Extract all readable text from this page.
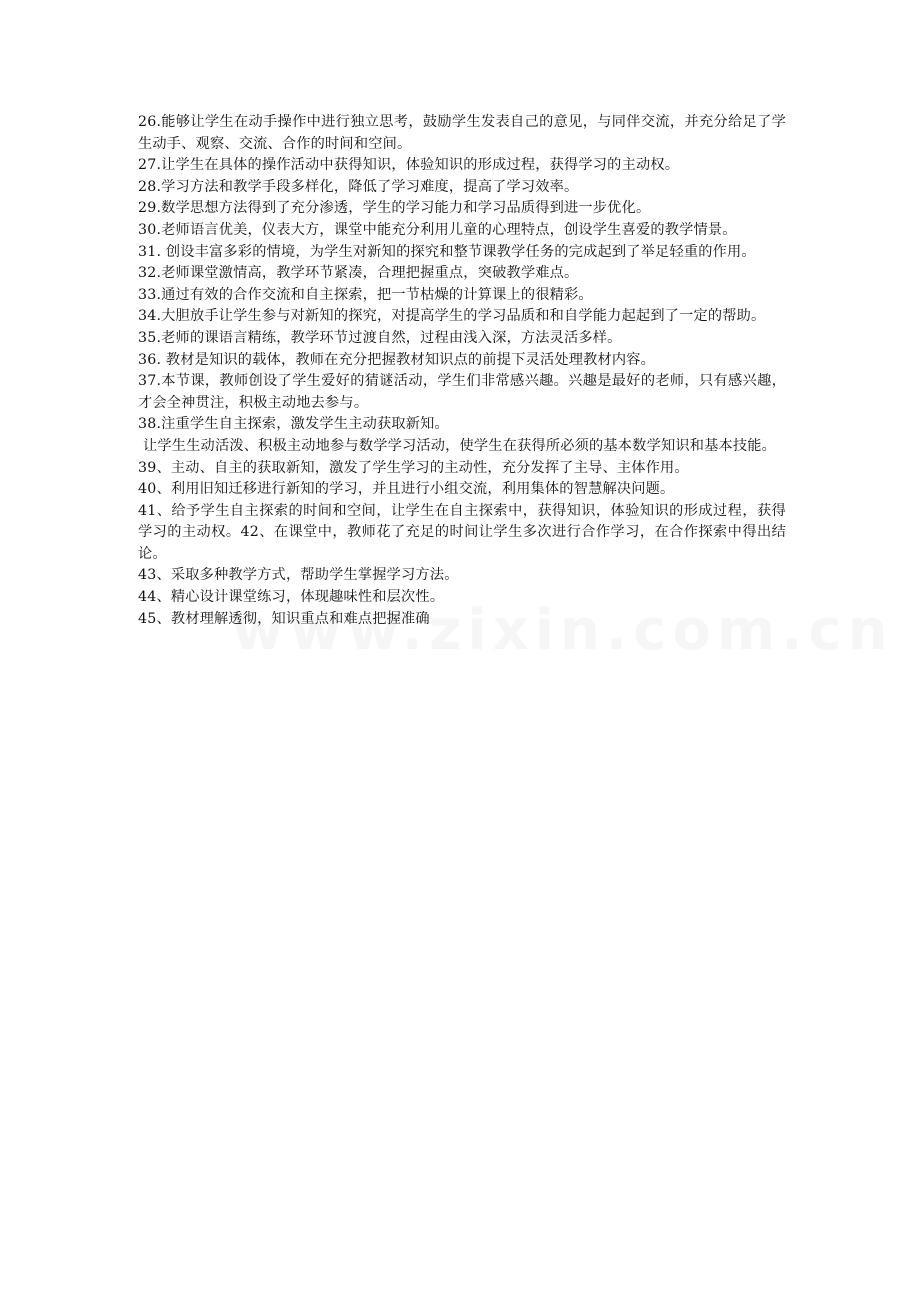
26.能够让学生在动手操作中进行独立思考，鼓励学生发表自己的意见，与同伴交流，并充分给足了学生动手、观察、交流、合作的时间和空间。

27.让学生在具体的操作活动中获得知识，体验知识的形成过程，获得学习的主动权。

28.学习方法和教学手段多样化，降低了学习难度，提高了学习效率。

29.数学思想方法得到了充分渗透，学生的学习能力和学习品质得到进一步优化。

30.老师语言优美，仪表大方，课堂中能充分利用儿童的心理特点，创设学生喜爱的教学情景。

31. 创设丰富多彩的情境，为学生对新知的探究和整节课教学任务的完成起到了举足轻重的作用。

32.老师课堂激情高，教学环节紧凑，合理把握重点，突破教学难点。

33.通过有效的合作交流和自主探索，把一节枯燥的计算课上的很精彩。

34.大胆放手让学生参与对新知的探究，对提高学生的学习品质和和自学能力起起到了一定的帮助。

35.老师的课语言精练，教学环节过渡自然，过程由浅入深，方法灵活多样。

36. 教材是知识的载体，教师在充分把握教材知识点的前提下灵活处理教材内容。

37.本节课，教师创设了学生爱好的猜谜活动，学生们非常感兴趣。兴趣是最好的老师，只有感兴趣，才会全神贯注，积极主动地去参与。

38.注重学生自主探索，激发学生主动获取新知。

让学生生动活泼、积极主动地参与数学学习活动，使学生在获得所必须的基本数学知识和基本技能。

39、主动、自主的获取新知，激发了学生学习的主动性，充分发挥了主导、主体作用。

40、利用旧知迁移进行新知的学习，并且进行小组交流，利用集体的智慧解决问题。

41、给予学生自主探索的时间和空间，让学生在自主探索中，获得知识，体验知识的形成过程，获得学习的主动权。42、在课堂中，教师花了充足的时间让学生多次进行合作学习，在合作探索中得出结论。

43、采取多种教学方式，帮助学生掌握学习方法。

44、精心设计课堂练习，体现趣味性和层次性。

45、教材理解透彻，知识重点和难点把握准确
